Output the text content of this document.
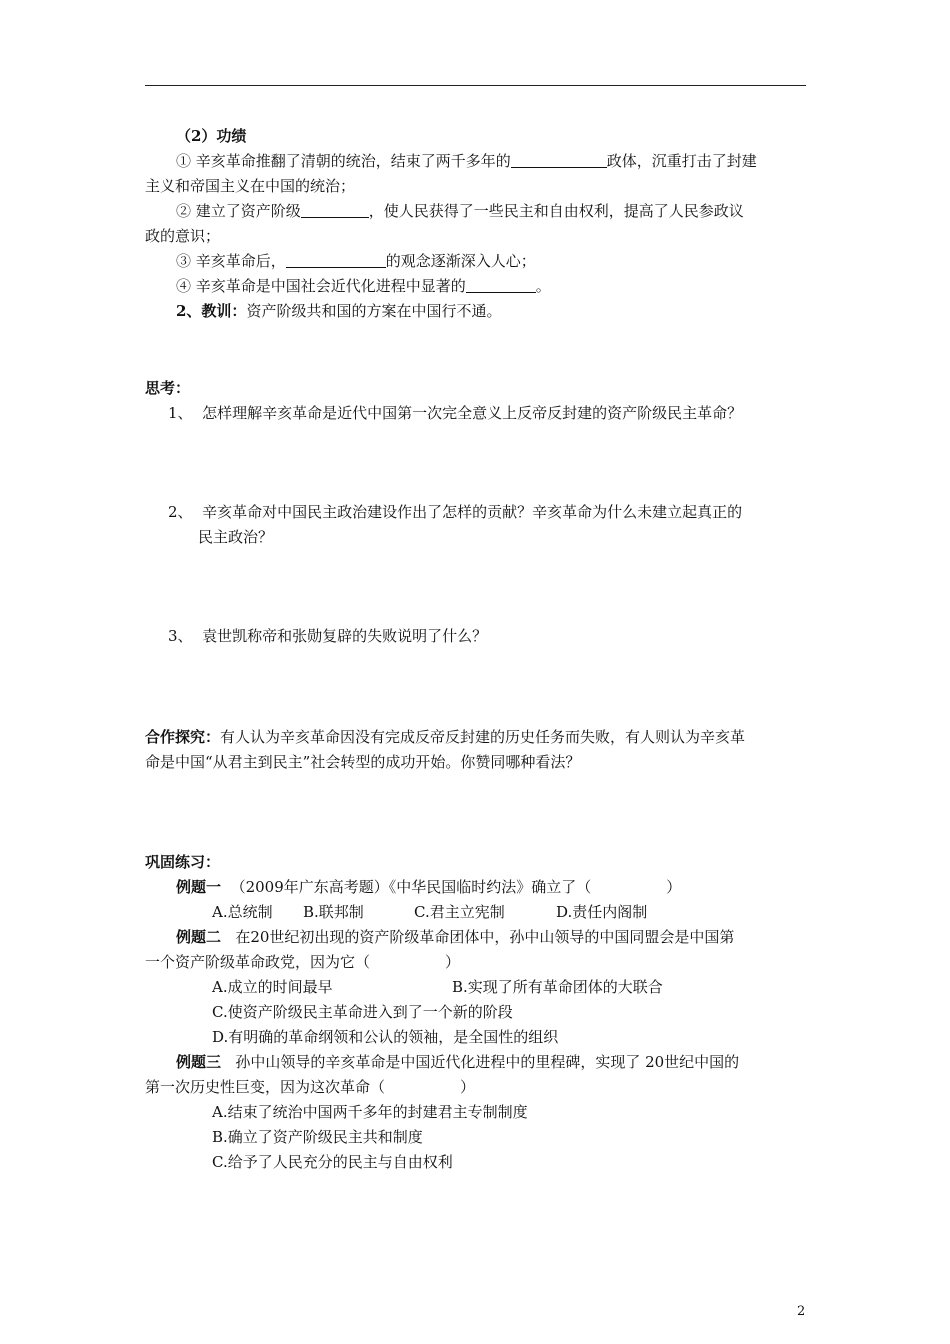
（2）功绩
① 辛亥革命推翻了清朝的统治，结束了两千多年的	政体，沉重打击了封建
主义和帝国主义在中国的统治；
② 建立了资产阶级	，使人民获得了一些民主和自由权利，提高了人民参政议
政的意识；
③ 辛亥革命后，	的观念逐渐深入人心；
④ 辛亥革命是中国社会近代化进程中显著的	。
2、教训：资产阶级共和国的方案在中国行不通。
思考：
1、 怎样理解辛亥革命是近代中国第一次完全意义上反帝反封建的资产阶级民主革命？
2、 辛亥革命对中国民主政治建设作出了怎样的贡献？辛亥革命为什么未建立起真正的
民主政治？
3、 袁世凯称帝和张勋复辟的失败说明了什么？
合作探究：有人认为辛亥革命因没有完成反帝反封建的历史任务而失败，有人则认为辛亥革
命是中国“从君主到民主”社会转型的成功开始。你赞同哪种看法？
巩固练习：
例题一 （2009年广东高考题）《中华民国临时约法》确立了（　　　　　）
A.总统制 B.联邦制	C.君主立宪制	D.责任内阁制
例题二 在20世纪初出现的资产阶级革命团体中，孙中山领导的中国同盟会是中国第
一个资产阶级革命政党，因为它（　　　　　）
A.成立的时间最早	B.实现了所有革命团体的大联合
C.使资产阶级民主革命进入到了一个新的阶段
D.有明确的革命纲领和公认的领袖，是全国性的组织
例题三 孙中山领导的辛亥革命是中国近代化进程中的里程碑，实现了 20世纪中国的
第一次历史性巨变，因为这次革命（　　　　　）
A.结束了统治中国两千多年的封建君主专制制度
B.确立了资产阶级民主共和制度
C.给予了人民充分的民主与自由权利
2
